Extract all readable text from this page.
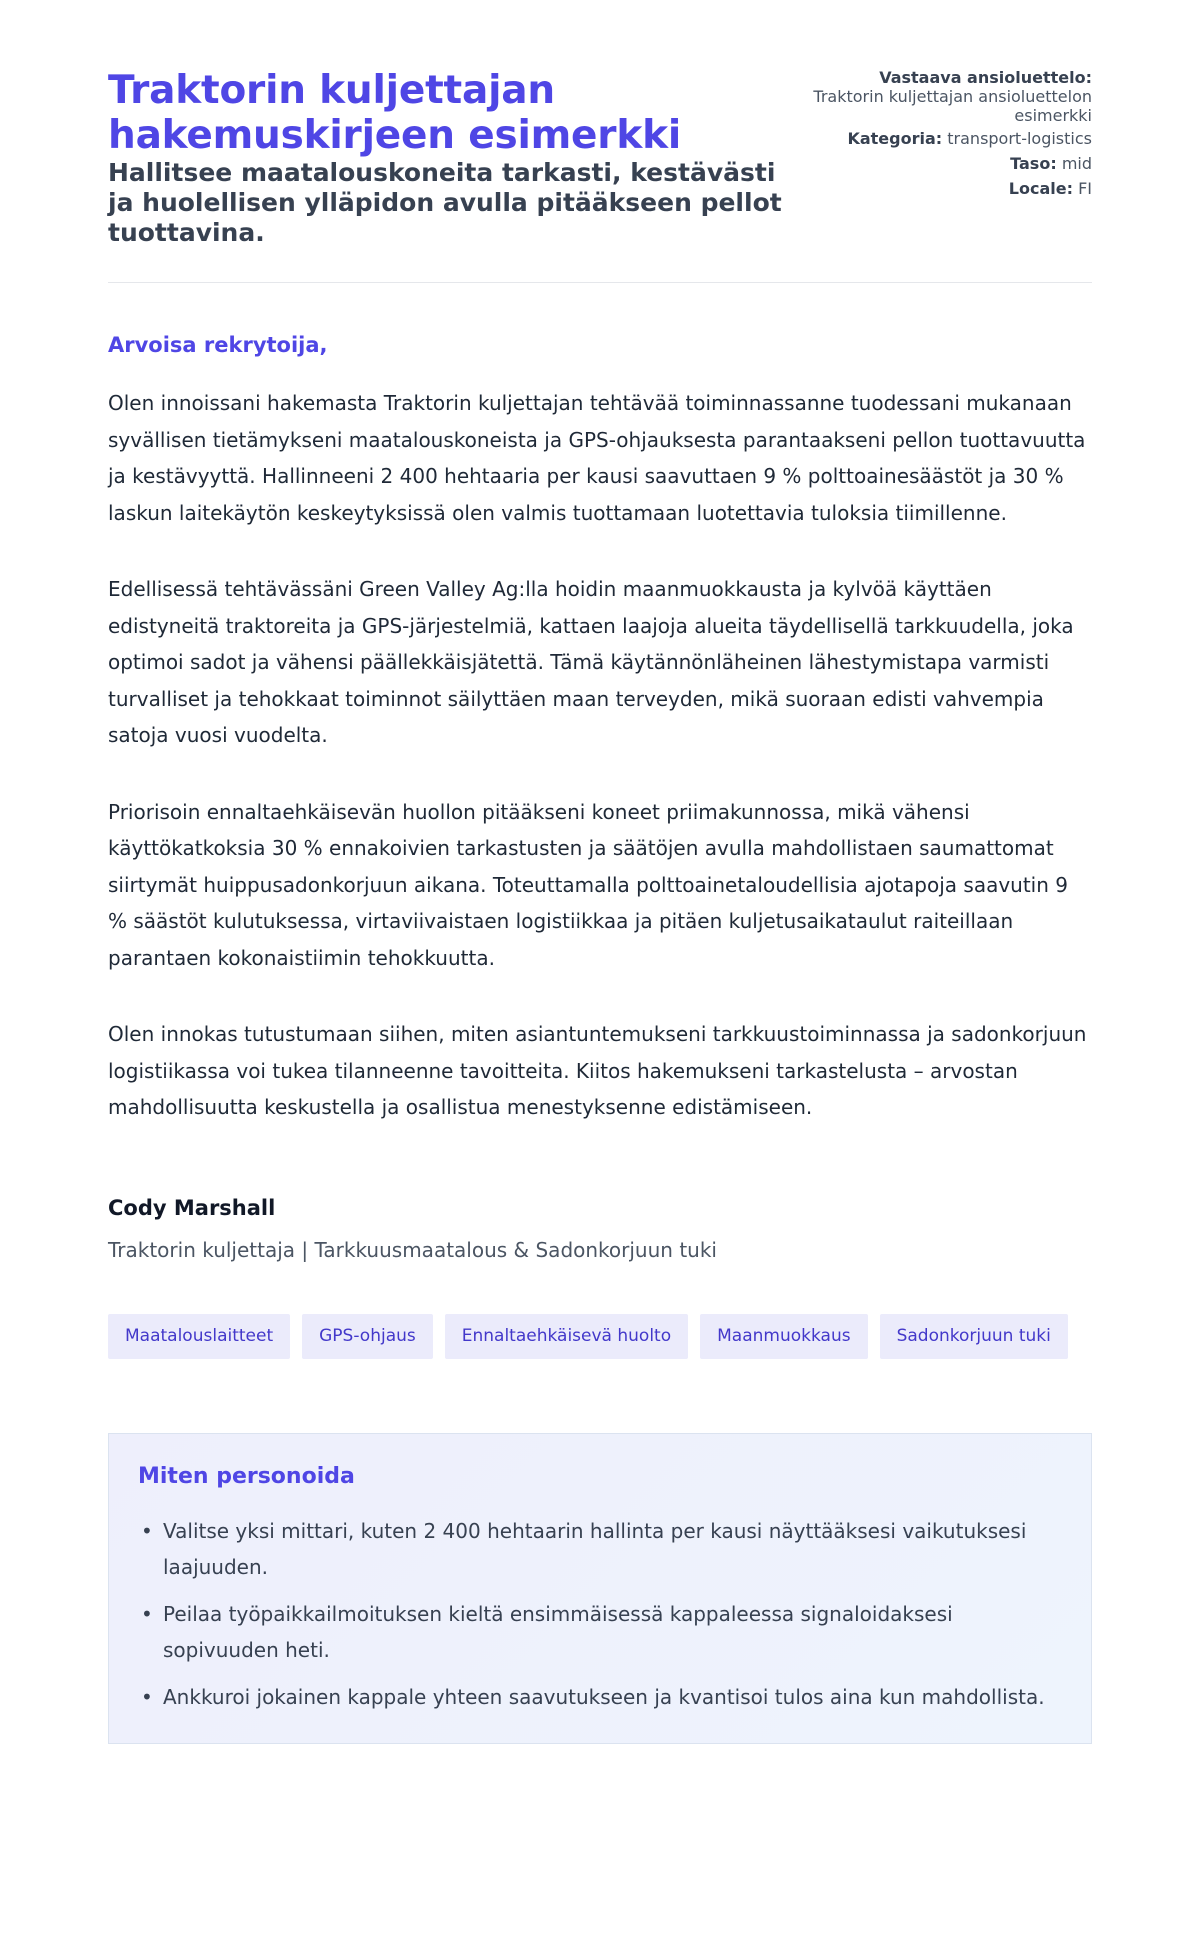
Traktorin kuljettajan hakemuskirjeen esimerkki
Hallitsee maatalouskoneita tarkasti, kestävästi ja huolellisen ylläpidon avulla pitääkseen pellot tuottavina.
Vastaava ansioluettelo:
Traktorin kuljettajan ansioluettelon esimerkki
Kategoria: transport-logistics
Taso: mid
Locale: FI
Arvoisa rekrytoija,

Olen innoissani hakemasta Traktorin kuljettajan tehtävää toiminnassanne tuodessani mukanaan syvällisen tietämykseni maatalouskoneista ja GPS-ohjauksesta parantaakseni pellon tuottavuutta ja kestävyyttä. Hallinneeni 2 400 hehtaaria per kausi saavuttaen 9 % polttoainesäästöt ja 30 % laskun laitekäytön keskeytyksissä olen valmis tuottamaan luotettavia tuloksia tiimillenne.

Edellisessä tehtävässäni Green Valley Ag:lla hoidin maanmuokkausta ja kylvöä käyttäen edistyneitä traktoreita ja GPS-järjestelmiä, kattaen laajoja alueita täydellisellä tarkkuudella, joka optimoi sadot ja vähensi päällekkäisjätettä. Tämä käytännönläheinen lähestymistapa varmisti turvalliset ja tehokkaat toiminnot säilyttäen maan terveyden, mikä suoraan edisti vahvempia satoja vuosi vuodelta.

Priorisoin ennaltaehkäisevän huollon pitääkseni koneet priimakunnossa, mikä vähensi käyttökatkoksia 30 % ennakoivien tarkastusten ja säätöjen avulla mahdollistaen saumattomat siirtymät huippusadonkorjuun aikana. Toteuttamalla polttoainetaloudellisia ajotapoja saavutin 9 % säästöt kulutuksessa, virtaviivaistaen logistiikkaa ja pitäen kuljetusaikataulut raiteillaan parantaen kokonaistiimin tehokkuutta.

Olen innokas tutustumaan siihen, miten asiantuntemukseni tarkkuustoiminnassa ja sadonkorjuun logistiikassa voi tukea tilanneenne tavoitteita. Kiitos hakemukseni tarkastelusta – arvostan mahdollisuutta keskustella ja osallistua menestyksenne edistämiseen.

Cody Marshall
Traktorin kuljettaja | Tarkkuusmaatalous & Sadonkorjuun tuki
Maatalouslaitteet	GPS-ohjaus	Ennaltaehkäisevä huolto	Maanmuokkaus	Sadonkorjuun tuki
Miten personoida
• Valitse yksi mittari, kuten 2 400 hehtaarin hallinta per kausi näyttääksesi vaikutuksesi laajuuden.
• Peilaa työpaikkailmoituksen kieltä ensimmäisessä kappaleessa signaloidaksesi sopivuuden heti.
• Ankkuroi jokainen kappale yhteen saavutukseen ja kvantisoi tulos aina kun mahdollista.
